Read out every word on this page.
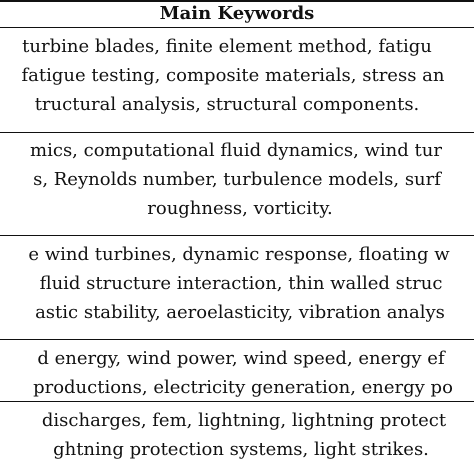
Main Keywords
turbine blades, finite element method, fatigu
fatigue testing, composite materials, stress an
tructural analysis, structural components.
mics, computational fluid dynamics, wind tur
s, Reynolds number, turbulence models, surf
roughness, vorticity.
e wind turbines, dynamic response, floating w
fluid structure interaction, thin walled struc
astic stability, aeroelasticity, vibration analys
d energy, wind power, wind speed, energy ef
productions, electricity generation, energy po
discharges, fem, lightning, lightning protect
ghtning protection systems, light strikes.
